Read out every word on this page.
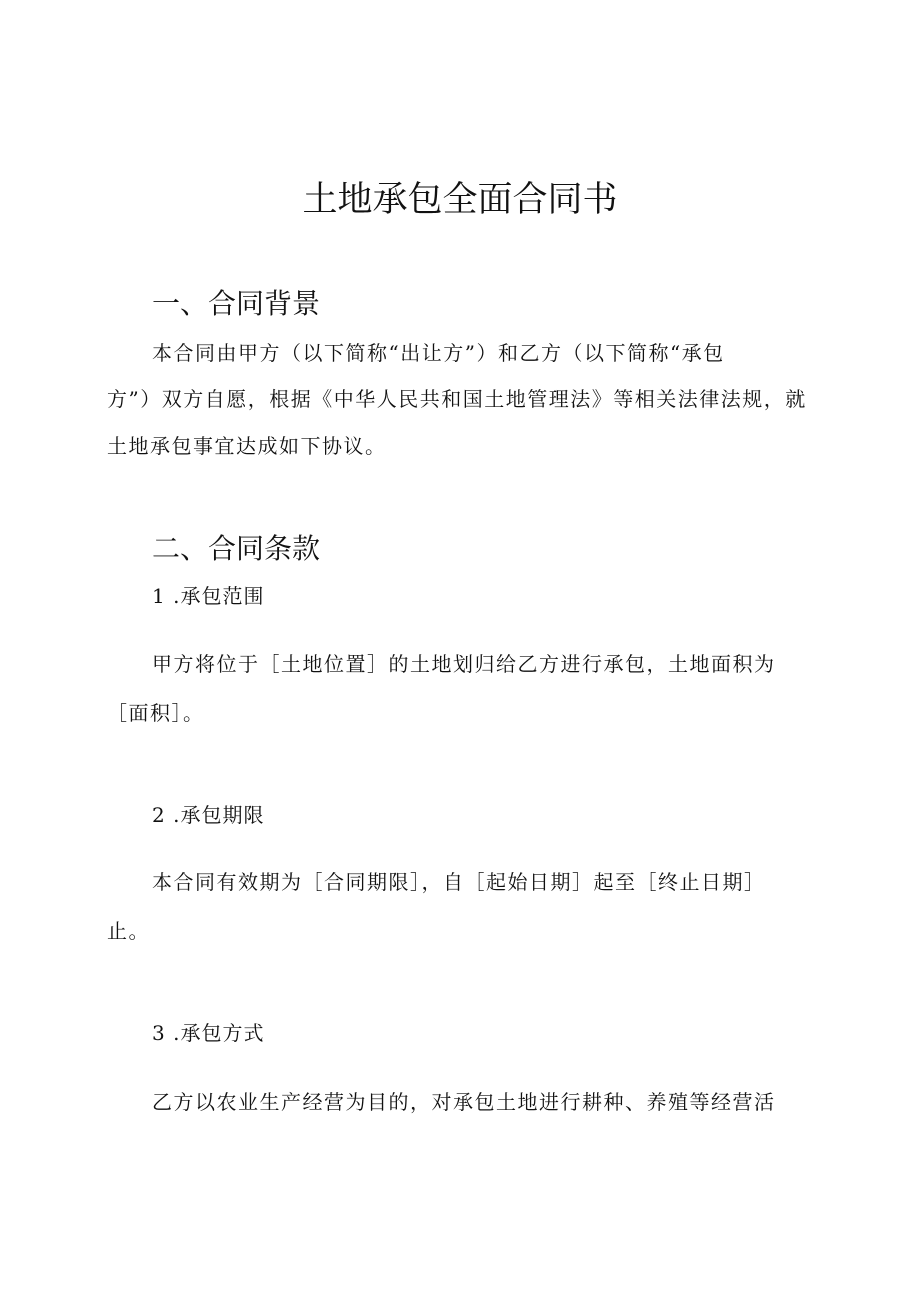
土地承包全面合同书
一、合同背景
本合同由甲方（以下简称“出让方”）和乙方（以下简称“承包
方”）双方自愿，根据《中华人民共和国土地管理法》等相关法律法规，就
土地承包事宜达成如下协议。
二、合同条款
1 .承包范围
甲方将位于［土地位置］的土地划归给乙方进行承包，土地面积为
［面积］。
2 .承包期限
本合同有效期为［合同期限］，自［起始日期］起至［终止日期］
止。
3 .承包方式
乙方以农业生产经营为目的，对承包土地进行耕种、养殖等经营活
